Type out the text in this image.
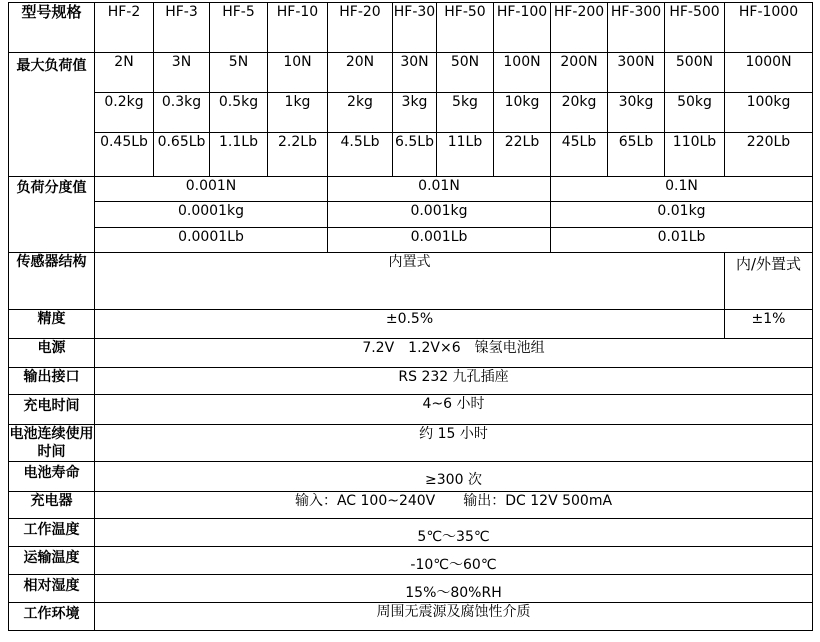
型号规格	HF-2	HF-3	HF-5	HF-10	HF-20	HF-30	HF-50	HF-100	HF-200	HF-300	HF-500	HF-1000
最大负荷值	2N	3N	5N	10N	20N	30N	50N	100N	200N	300N	500N	1000N
	0.2kg	0.3kg	0.5kg	1kg	2kg	3kg	5kg	10kg	20kg	30kg	50kg	100kg
	0.45Lb	0.65Lb	1.1Lb	2.2Lb	4.5Lb	6.5Lb	11Lb	22Lb	45Lb	65Lb	110Lb	220Lb
负荷分度值	0.001N				0.01N				0.1N			
	0.0001kg				0.001kg				0.01kg			
	0.0001Lb				0.001Lb				0.01Lb			
传感器结构	内置式											内/外置式
精度	±0.5%											±1%
电源	7.2V　1.2V×6　镍氢电池组											
输出接口	RS 232 九孔插座											
充电时间	4~6 小时											
电池连续使用时间	约 15 小时											
电池寿命	≥300 次											
充电器	输入：AC 100~240V　　输出：DC 12V 500mA											
工作温度	5℃～35℃											
运输温度	-10℃～60℃											
相对湿度	15%～80%RH											
工作环境	周围无震源及腐蚀性介质											
